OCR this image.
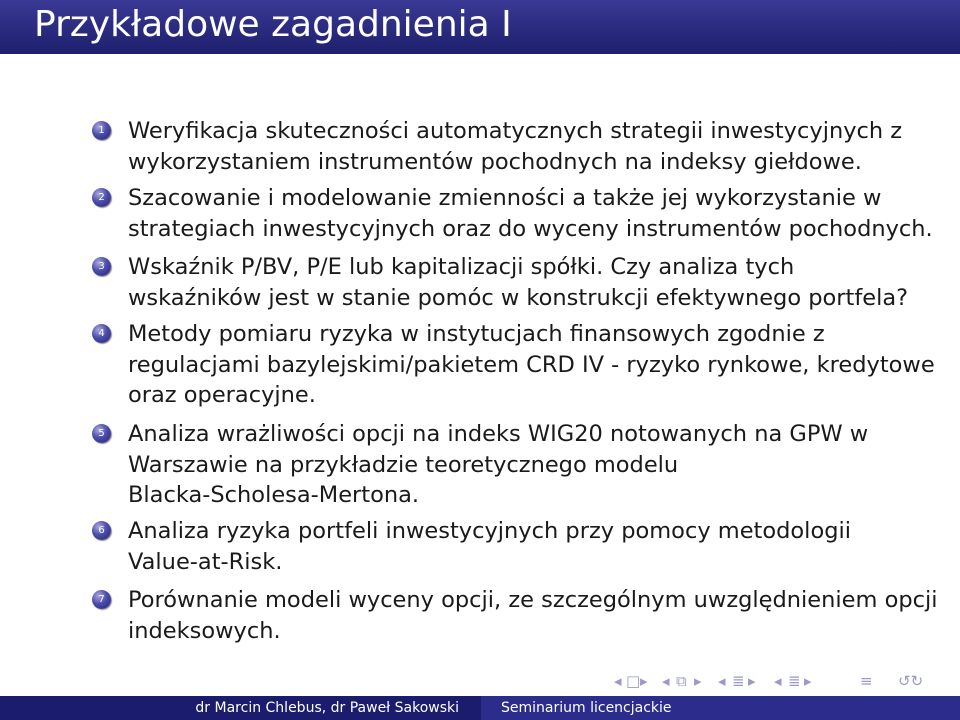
Przykładowe zagadnienia I
1 Weryfikacja skuteczności automatycznych strategii inwestycyjnych z
wykorzystaniem instrumentów pochodnych na indeksy giełdowe.
2 Szacowanie i modelowanie zmienności a także jej wykorzystanie w
strategiach inwestycyjnych oraz do wyceny instrumentów pochodnych.
3 Wskaźnik P/BV, P/E lub kapitalizacji spółki. Czy analiza tych
wskaźników jest w stanie pomóc w konstrukcji efektywnego portfela?
4 Metody pomiaru ryzyka w instytucjach finansowych zgodnie z
regulacjami bazylejskimi/pakietem CRD IV - ryzyko rynkowe, kredytowe
oraz operacyjne.
5 Analiza wrażliwości opcji na indeks WIG20 notowanych na GPW w
Warszawie na przykładzie teoretycznego modelu
Blacka-Scholesa-Mertona.
6 Analiza ryzyka portfeli inwestycyjnych przy pomocy metodologii
Value-at-Risk.
7 Porównanie modeli wyceny opcji, ze szczególnym uwzględnieniem opcji
indeksowych.
◂ □ ▸ ◂ ⧉ ▸ ◂ ≣ ▸ ◂ ≣ ▸	≡ ↺↻
dr Marcin Chlebus, dr Paweł Sakowski	Seminarium licencjackie
